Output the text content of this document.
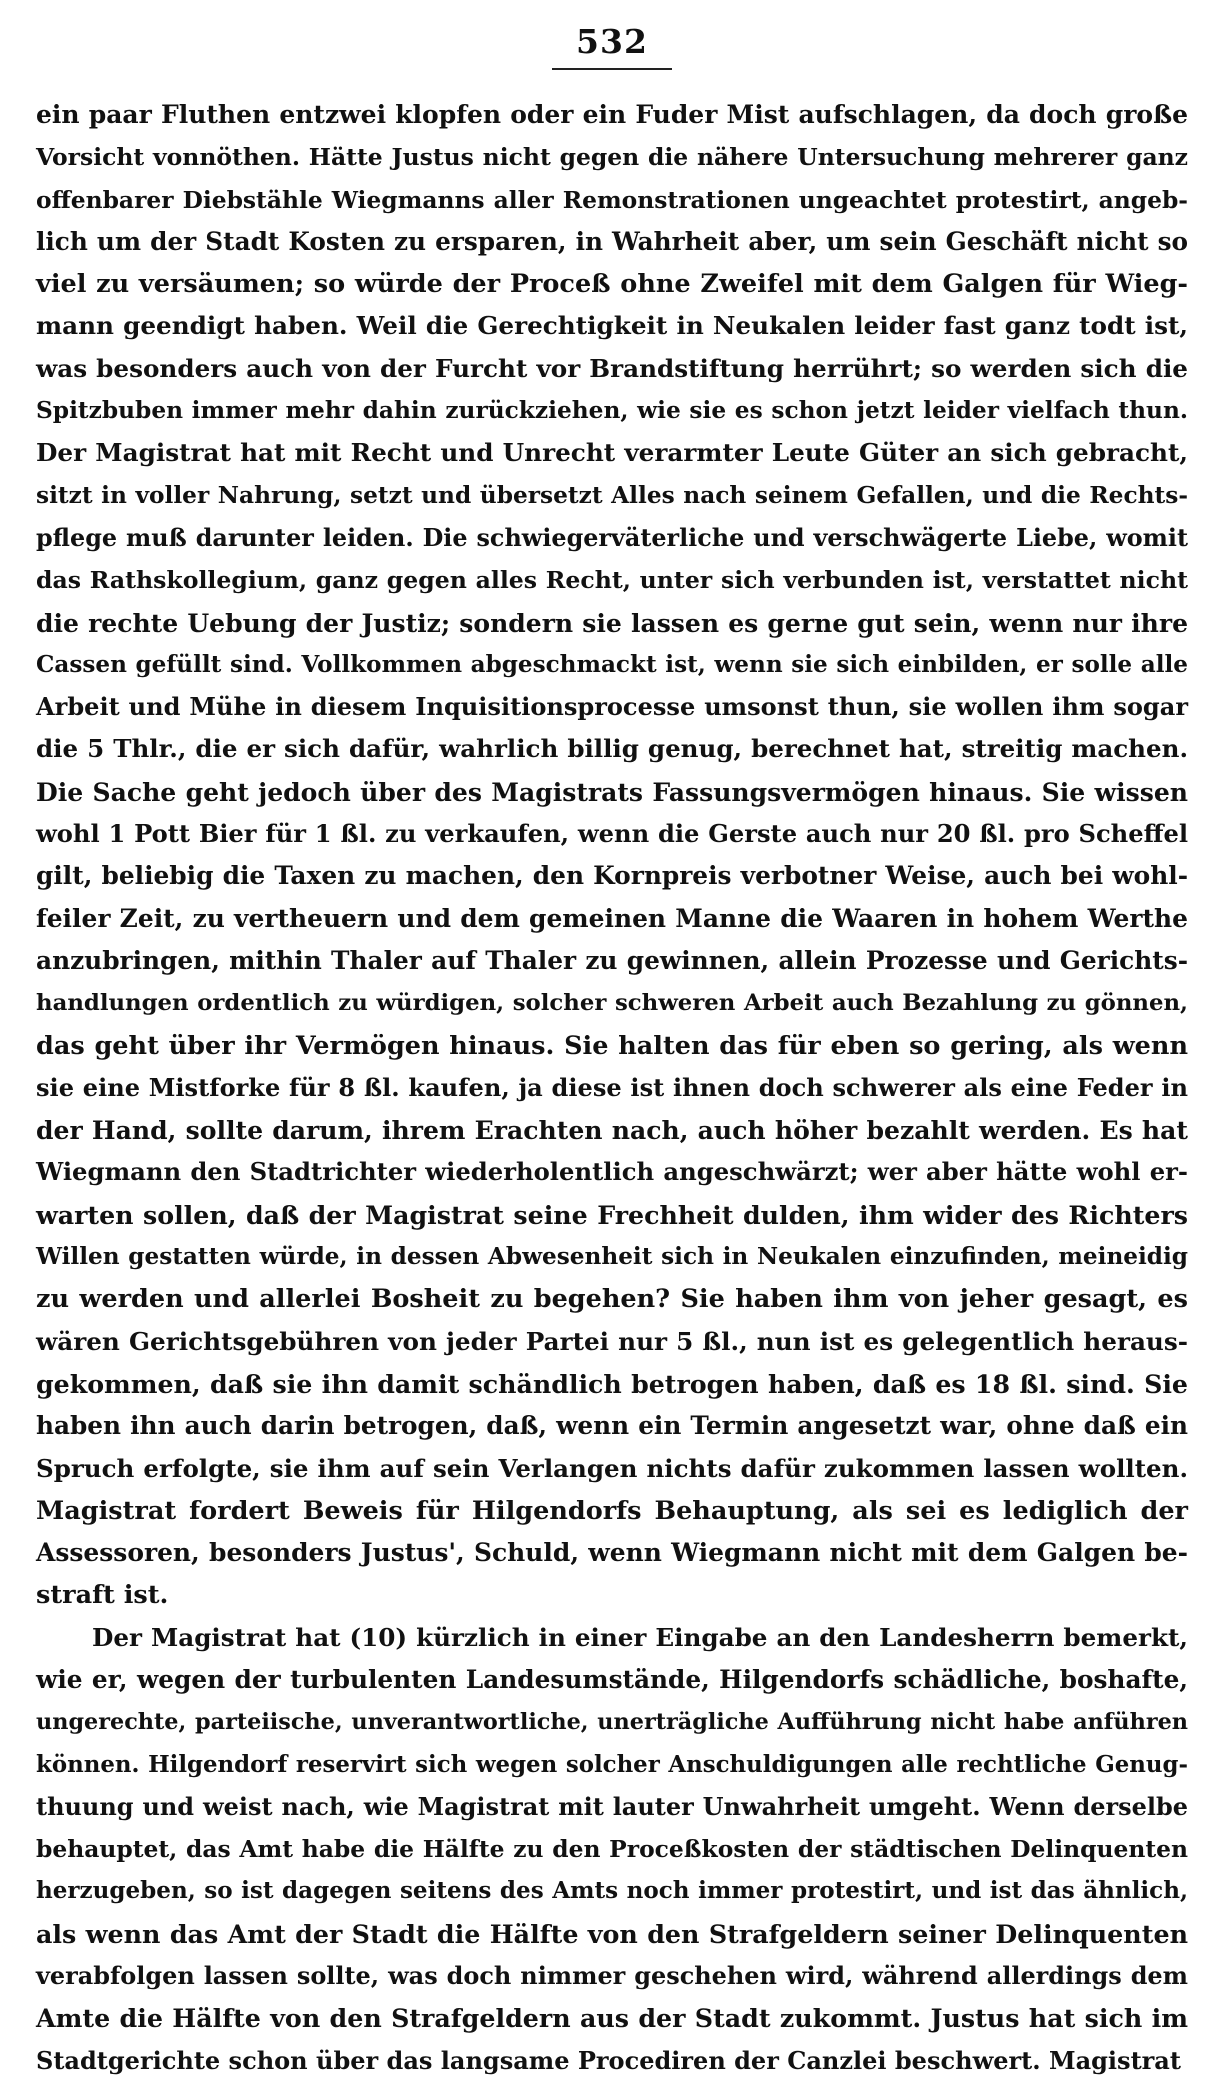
532
ein paar Fluthen entzwei klopfen oder ein Fuder Mist aufschlagen, da doch große
Vorsicht vonnöthen. Hätte Justus nicht gegen die nähere Untersuchung mehrerer ganz
offenbarer Diebstähle Wiegmanns aller Remonstrationen ungeachtet protestirt, angeb-
lich um der Stadt Kosten zu ersparen, in Wahrheit aber, um sein Geschäft nicht so
viel zu versäumen; so würde der Proceß ohne Zweifel mit dem Galgen für Wieg-
mann geendigt haben. Weil die Gerechtigkeit in Neukalen leider fast ganz todt ist,
was besonders auch von der Furcht vor Brandstiftung herrührt; so werden sich die
Spitzbuben immer mehr dahin zurückziehen, wie sie es schon jetzt leider vielfach thun.
Der Magistrat hat mit Recht und Unrecht verarmter Leute Güter an sich gebracht,
sitzt in voller Nahrung, setzt und übersetzt Alles nach seinem Gefallen, und die Rechts-
pflege muß darunter leiden. Die schwiegerväterliche und verschwägerte Liebe, womit
das Rathskollegium, ganz gegen alles Recht, unter sich verbunden ist, verstattet nicht
die rechte Uebung der Justiz; sondern sie lassen es gerne gut sein, wenn nur ihre
Cassen gefüllt sind. Vollkommen abgeschmackt ist, wenn sie sich einbilden, er solle alle
Arbeit und Mühe in diesem Inquisitionsprocesse umsonst thun, sie wollen ihm sogar
die 5 Thlr., die er sich dafür, wahrlich billig genug, berechnet hat, streitig machen.
Die Sache geht jedoch über des Magistrats Fassungsvermögen hinaus. Sie wissen
wohl 1 Pott Bier für 1 ßl. zu verkaufen, wenn die Gerste auch nur 20 ßl. pro Scheffel
gilt, beliebig die Taxen zu machen, den Kornpreis verbotner Weise, auch bei wohl-
feiler Zeit, zu vertheuern und dem gemeinen Manne die Waaren in hohem Werthe
anzubringen, mithin Thaler auf Thaler zu gewinnen, allein Prozesse und Gerichts-
handlungen ordentlich zu würdigen, solcher schweren Arbeit auch Bezahlung zu gönnen,
das geht über ihr Vermögen hinaus. Sie halten das für eben so gering, als wenn
sie eine Mistforke für 8 ßl. kaufen, ja diese ist ihnen doch schwerer als eine Feder in
der Hand, sollte darum, ihrem Erachten nach, auch höher bezahlt werden. Es hat
Wiegmann den Stadtrichter wiederholentlich angeschwärzt; wer aber hätte wohl er-
warten sollen, daß der Magistrat seine Frechheit dulden, ihm wider des Richters
Willen gestatten würde, in dessen Abwesenheit sich in Neukalen einzufinden, meineidig
zu werden und allerlei Bosheit zu begehen? Sie haben ihm von jeher gesagt, es
wären Gerichtsgebühren von jeder Partei nur 5 ßl., nun ist es gelegentlich heraus-
gekommen, daß sie ihn damit schändlich betrogen haben, daß es 18 ßl. sind. Sie
haben ihn auch darin betrogen, daß, wenn ein Termin angesetzt war, ohne daß ein
Spruch erfolgte, sie ihm auf sein Verlangen nichts dafür zukommen lassen wollten.
Magistrat fordert Beweis für Hilgendorfs Behauptung, als sei es lediglich der
Assessoren, besonders Justus', Schuld, wenn Wiegmann nicht mit dem Galgen be-
straft ist.
Der Magistrat hat (10) kürzlich in einer Eingabe an den Landesherrn bemerkt,
wie er, wegen der turbulenten Landesumstände, Hilgendorfs schädliche, boshafte,
ungerechte, parteiische, unverantwortliche, unerträgliche Aufführung nicht habe anführen
können. Hilgendorf reservirt sich wegen solcher Anschuldigungen alle rechtliche Genug-
thuung und weist nach, wie Magistrat mit lauter Unwahrheit umgeht. Wenn derselbe
behauptet, das Amt habe die Hälfte zu den Proceßkosten der städtischen Delinquenten
herzugeben, so ist dagegen seitens des Amts noch immer protestirt, und ist das ähnlich,
als wenn das Amt der Stadt die Hälfte von den Strafgeldern seiner Delinquenten
verabfolgen lassen sollte, was doch nimmer geschehen wird, während allerdings dem
Amte die Hälfte von den Strafgeldern aus der Stadt zukommt. Justus hat sich im
Stadtgerichte schon über das langsame Procediren der Canzlei beschwert. Magistrat
